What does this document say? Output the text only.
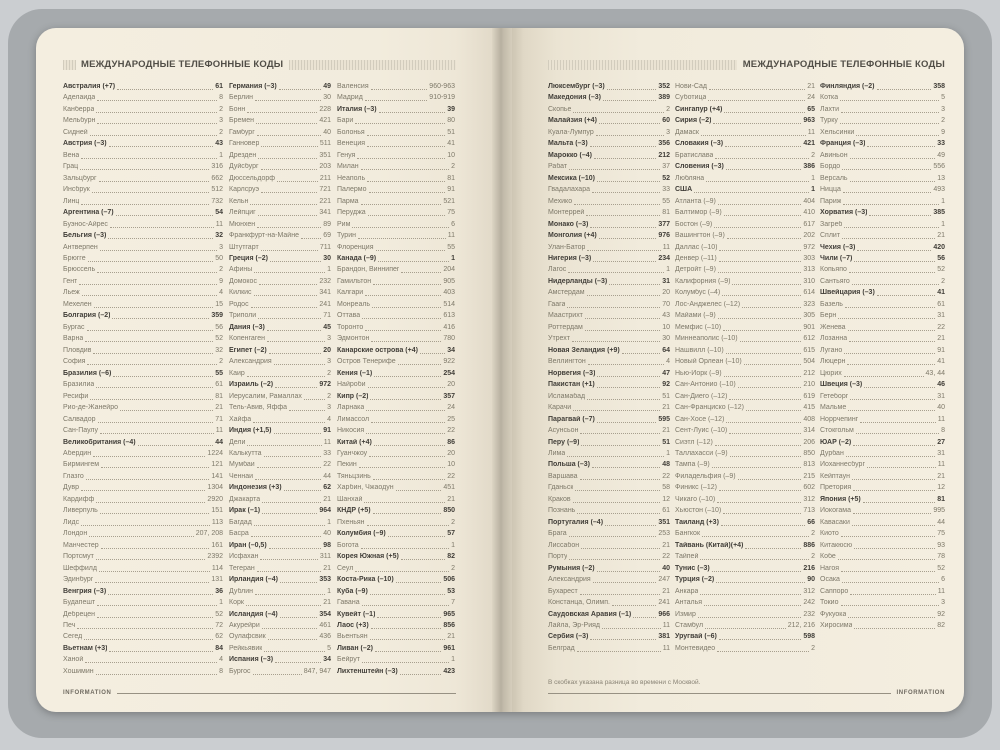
МЕЖДУНАРОДНЫЕ ТЕЛЕФОННЫЕ КОДЫ
Австралия (+7)	61
Аделаида	8
Канберра	2
Мельбурн	3
Сидней	2
Австрия (–3)	43
Вена	1
Грац	316
Зальцбург	662
Инсбрук	512
Линц	732
Аргентина (–7)	54
Буэнос-Айрес	11
Бельгия (–3)	32
Антверпен	3
Брюгге	50
Брюссель	2
Гент	9
Льеж	4
Мехелен	15
Болгария (–2)	359
Бургас	56
Варна	52
Пловдив	32
София	2
Бразилия (–6)	55
Бразилиа	61
Ресифи	81
Рио-де-Жанейро	21
Салвадор	71
Сан-Паулу	11
Великобритания (–4)	44
Абердин	1224
Бирмингем	121
Глазго	141
Дувр	1304
Кардифф	2920
Ливерпуль	151
Лидс	113
Лондон	207, 208
Манчестер	161
Портсмут	2392
Шеффилд	114
Эдинбург	131
Венгрия (–3)	36
Будапешт	1
Дебрецен	52
Печ	72
Сегед	62
Вьетнам (+3)	84
Ханой	4
Хошимин	8
Германия (–3)	49
Берлин	30
Бонн	228
Бремен	421
Гамбург	40
Ганновер	511
Дрезден	351
Дуйсбург	203
Дюссельдорф	211
Карлсруэ	721
Кельн	221
Лейпциг	341
Мюнхен	89
Франкфурт-на-Майне	69
Штутгарт	711
Греция (–2)	30
Афины	1
Домокос	232
Килкис	341
Родос	241
Триполи	71
Дания (–3)	45
Копенгаген	3
Египет (–2)	20
Александрия	3
Каир	2
Израиль (–2)	972
Иерусалим, Рамаллах	2
Тель-Авив, Яффа	3
Хайфа	4
Индия (+1,5)	91
Дели	11
Калькутта	33
Мумбаи	22
Ченнаи	44
Индонезия (+3)	62
Джакарта	21
Ирак (–1)	964
Багдад	1
Басра	40
Иран (–0,5)	98
Исфахан	311
Тегеран	21
Ирландия (–4)	353
Дублин	1
Корк	21
Исландия (–4)	354
Акурейри	461
Оулафсвик	436
Рейкьявик	5
Испания (–3)	34
Бургос	847, 947
Валенсия	960-963
Мадрид	910-919
Италия (–3)	39
Бари	80
Болонья	51
Венеция	41
Генуя	10
Милан	2
Неаполь	81
Палермо	91
Парма	521
Перуджа	75
Рим	6
Турин	11
Флоренция	55
Канада (–9)	1
Брандон, Виннипег	204
Гамильтон	905
Калгари	403
Монреаль	514
Оттава	613
Торонто	416
Эдмонтон	780
Канарские острова (+4)	34
Остров Тенерифе	922
Кения (–1)	254
Найроби	20
Кипр (–2)	357
Ларнака	24
Лимассол	25
Никосия	22
Китай (+4)	86
Гуанчжоу	20
Пекин	10
Тяньцзинь	22
Харбин, Чжаодун	451
Шанхай	21
КНДР (+5)	850
Пхеньян	2
Колумбия (–9)	57
Богота	1
Корея Южная (+5)	82
Сеул	2
Коста-Рика (–10)	506
Куба (–9)	53
Гавана	7
Кувейт (–1)	965
Лаос (+3)	856
Вьентьян	21
Ливан (–2)	961
Бейрут	1
Лихтенштейн (–3)	423
INFORMATION
МЕЖДУНАРОДНЫЕ ТЕЛЕФОННЫЕ КОДЫ
Люксембург (–3)	352
Македония (–3)	389
Скопье	2
Малайзия (+4)	60
Куала-Лумпур	3
Мальта (–3)	356
Марокко (–4)	212
Рабат	37
Мексика (–10)	52
Гвадалахара	33
Мехико	55
Монтеррей	81
Монако (–3)	377
Монголия (+4)	976
Улан-Батор	11
Нигерия (–3)	234
Лагос	1
Нидерланды (–3)	31
Амстердам	20
Гаага	70
Маастрихт	43
Роттердам	10
Утрехт	30
Новая Зеландия (+9)	64
Веллингтон	4
Норвегия (–3)	47
Пакистан (+1)	92
Исламабад	51
Карачи	21
Парагвай (–7)	595
Асунсьон	21
Перу (–9)	51
Лима	1
Польша (–3)	48
Варшава	22
Гданьск	58
Краков	12
Познань	61
Португалия (–4)	351
Брага	253
Лиссабон	21
Порту	22
Румыния (–2)	40
Александрия	247
Бухарест	21
Констанца, Олимп.	241
Саудовская Аравия (–1)	966
Лайла, Эр-Рияд	11
Сербия (–3)	381
Белград	11
Нови-Сад	21
Суботица	24
Сингапур (+4)	65
Сирия (–2)	963
Дамаск	11
Словакия (–3)	421
Братислава	2
Словения (–3)	386
Любляна	1
США	1
Атланта (–9)	404
Балтимор (–9)	410
Бостон (–9)	617
Вашингтон (–9)	202
Даллас (–10)	972
Денвер (–11)	303
Детройт (–9)	313
Калифорния (–9)	310
Колумбус (–4)	614
Лос-Анджелес (–12)	323
Майами (–9)	305
Мемфис (–10)	901
Миннеаполис (–10)	612
Нашвилл (–10)	615
Новый Орлеан (–10)	504
Нью-Йорк (–9)	212
Сан-Антонио (–10)	210
Сан-Диего (–12)	619
Сан-Франциско (–12)	415
Сан-Хосе (–12)	408
Сент-Луис (–10)	314
Сиэтл (–12)	206
Таллахасси (–9)	850
Тампа (–9)	813
Филадельфия (–9)	215
Финикс (–12)	602
Чикаго (–10)	312
Хьюстон (–10)	713
Таиланд (+3)	66
Бангкок	2
Тайвань (Китай)(+4)	886
Тайпей	2
Тунис (–3)	216
Турция (–2)	90
Анкара	312
Анталья	242
Измир	232
Стамбул	212, 216
Уругвай (–6)	598
Монтевидео	2
Финляндия (–2)	358
Котка	5
Лахти	3
Турку	2
Хельсинки	9
Франция (–3)	33
Авиньон	49
Бордо	556
Версаль	13
Ницца	493
Париж	1
Хорватия (–3)	385
Загреб	1
Сплит	21
Чехия (–3)	420
Чили (–7)	56
Копьяпо	52
Сантьяго	2
Швейцария (–3)	41
Базель	61
Берн	31
Женева	22
Лозанна	21
Лугано	91
Люцерн	41
Цюрих	43, 44
Швеция (–3)	46
Гетеборг	31
Мальме	40
Норрчепинг	11
Стокгольм	8
ЮАР (–2)	27
Дурбан	31
Йоханнесбург	11
Кейптаун	21
Претория	12
Япония (+5)	81
Иокогама	995
Кавасаки	44
Киото	75
Китакюсю	93
Кобе	78
Нагоя	52
Осака	6
Саппоро	11
Токио	3
Фукуока	92
Хиросима	82
В скобках указана разница во времени с Москвой.
INFORMATION
